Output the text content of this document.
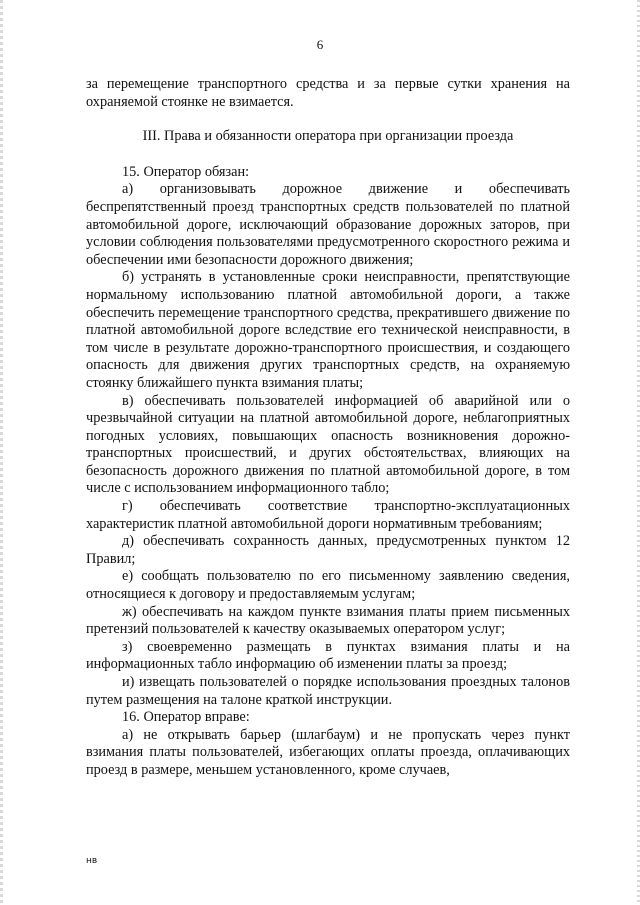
6

за перемещение транспортного средства и за первые сутки хранения на охраняемой стоянке не взимается.

III. Права и обязанности оператора при организации проезда

15. Оператор обязан:

а) организовывать дорожное движение и обеспечивать беспрепятственный проезд транспортных средств пользователей по платной автомобильной дороге, исключающий образование дорожных заторов, при условии соблюдения пользователями предусмотренного скоростного режима и обеспечении ими безопасности дорожного движения;

б) устранять в установленные сроки неисправности, препятствующие нормальному использованию платной автомобильной дороги, а также обеспечить перемещение транспортного средства, прекратившего движение по платной автомобильной дороге вследствие его технической неисправности, в том числе в результате дорожно-транспортного происшествия, и создающего опасность для движения других транспортных средств, на охраняемую стоянку ближайшего пункта взимания платы;

в) обеспечивать пользователей информацией об аварийной или о чрезвычайной ситуации на платной автомобильной дороге, неблагоприятных погодных условиях, повышающих опасность возникновения дорожно-транспортных происшествий, и других обстоятельствах, влияющих на безопасность дорожного движения по платной автомобильной дороге, в том числе с использованием информационного табло;

г) обеспечивать соответствие транспортно-эксплуатационных характеристик платной автомобильной дороги нормативным требованиям;

д) обеспечивать сохранность данных, предусмотренных пунктом 12 Правил;

е) сообщать пользователю по его письменному заявлению сведения, относящиеся к договору и предоставляемым услугам;

ж) обеспечивать на каждом пункте взимания платы прием письменных претензий пользователей к качеству оказываемых оператором услуг;

з) своевременно размещать в пунктах взимания платы и на информационных табло информацию об изменении платы за проезд;

и) извещать пользователей о порядке использования проездных талонов путем размещения на талоне краткой инструкции.

16. Оператор вправе:

а) не открывать барьер (шлагбаум) и не пропускать через пункт взимания платы пользователей, избегающих оплаты проезда, оплачивающих проезд в размере, меньшем установленного, кроме случаев,

нв
